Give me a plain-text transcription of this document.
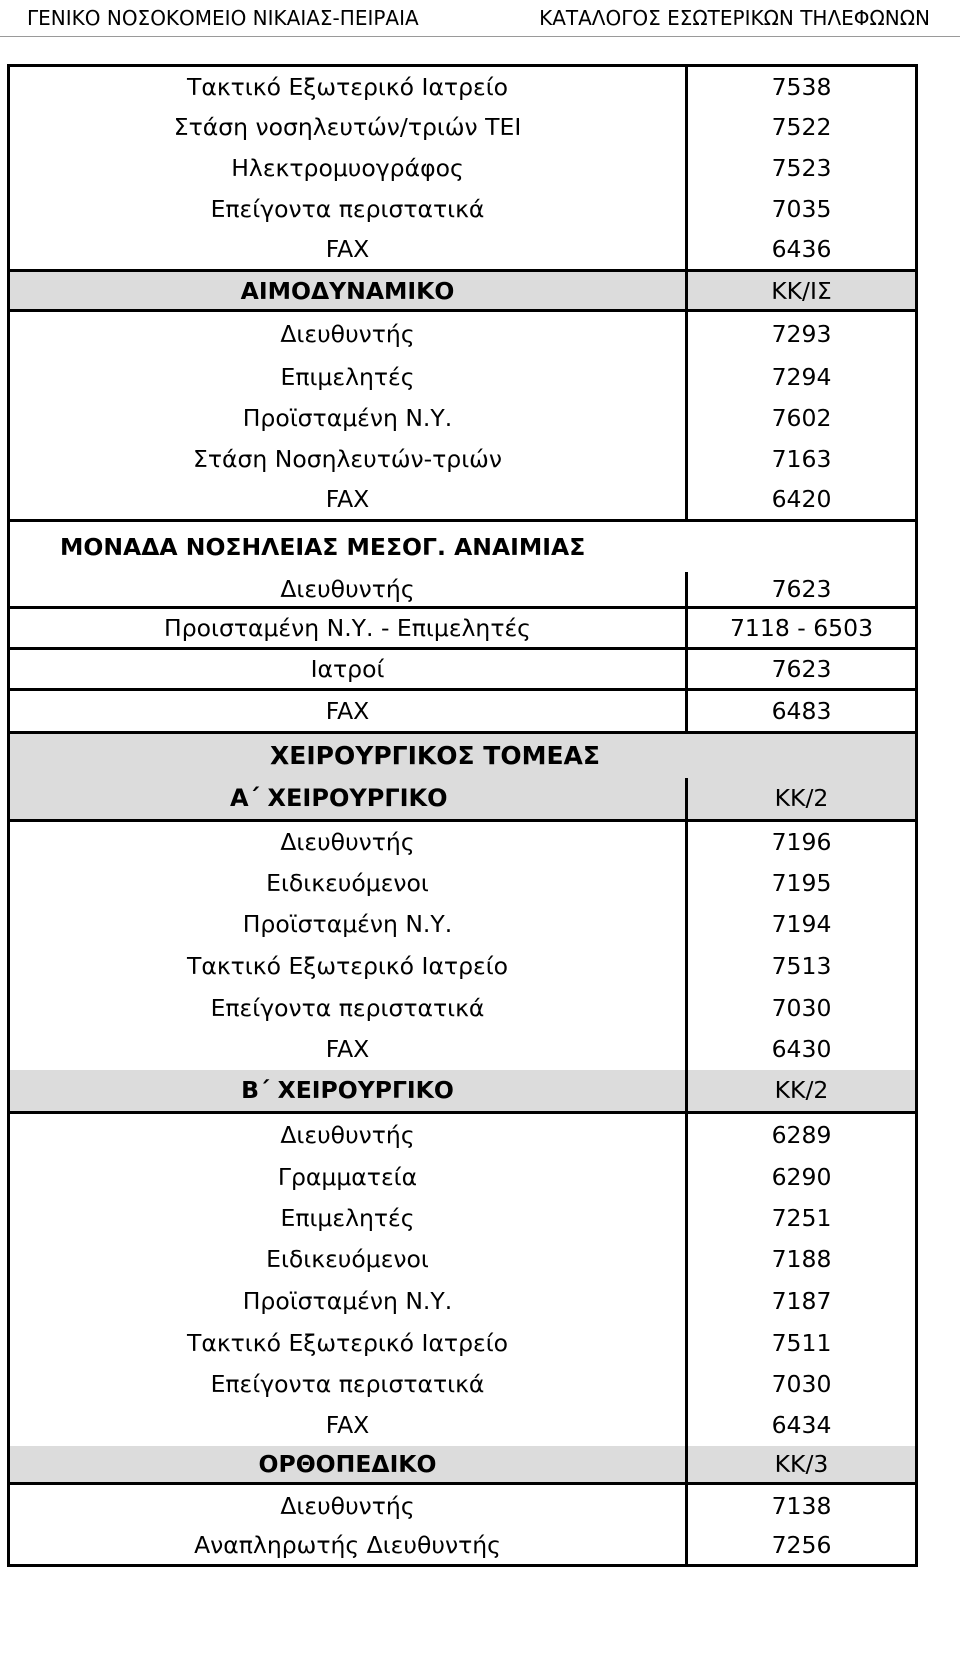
ΓΕΝΙΚΟ ΝΟΣΟΚΟΜΕΙΟ ΝΙΚΑΙΑΣ-ΠΕΙΡΑΙΑ	ΚΑΤΑΛΟΓΟΣ ΕΣΩΤΕΡΙΚΩΝ ΤΗΛΕΦΩΝΩΝ
Τακτικό Εξωτερικό Ιατρείο	7538
Στάση νοσηλευτών/τριών ΤΕΙ	7522
Ηλεκτρομυογράφος	7523
Επείγοντα περιστατικά	7035
FAX	6436
ΑΙΜΟΔΥΝΑΜΙΚΟ	ΚΚ/ΙΣ
Διευθυντής	7293
Επιμελητές	7294
Προϊσταμένη Ν.Υ.	7602
Στάση Νοσηλευτών-τριών	7163
FAX	6420
ΜΟΝΑΔΑ ΝΟΣΗΛΕΙΑΣ ΜΕΣΟΓ. ΑΝΑΙΜΙΑΣ	
Διευθυντής	7623
Προισταμένη Ν.Υ. - Επιμελητές	7118 - 6503
Ιατροί	7623
FAX	6483
ΧΕΙΡΟΥΡΓΙΚΟΣ ΤΟΜΕΑΣ	
Α΄ ΧΕΙΡΟΥΡΓΙΚΟ	ΚΚ/2
Διευθυντής	7196
Ειδικευόμενοι	7195
Προϊσταμένη Ν.Υ.	7194
Τακτικό Εξωτερικό Ιατρείο	7513
Επείγοντα περιστατικά	7030
FAX	6430
Β΄ ΧΕΙΡΟΥΡΓΙΚΟ	ΚΚ/2
Διευθυντής	6289
Γραμματεία	6290
Επιμελητές	7251
Ειδικευόμενοι	7188
Προϊσταμένη Ν.Υ.	7187
Τακτικό Εξωτερικό Ιατρείο	7511
Επείγοντα περιστατικά	7030
FAX	6434
ΟΡΘΟΠΕΔΙΚΟ	ΚΚ/3
Διευθυντής	7138
Αναπληρωτής Διευθυντής	7256
